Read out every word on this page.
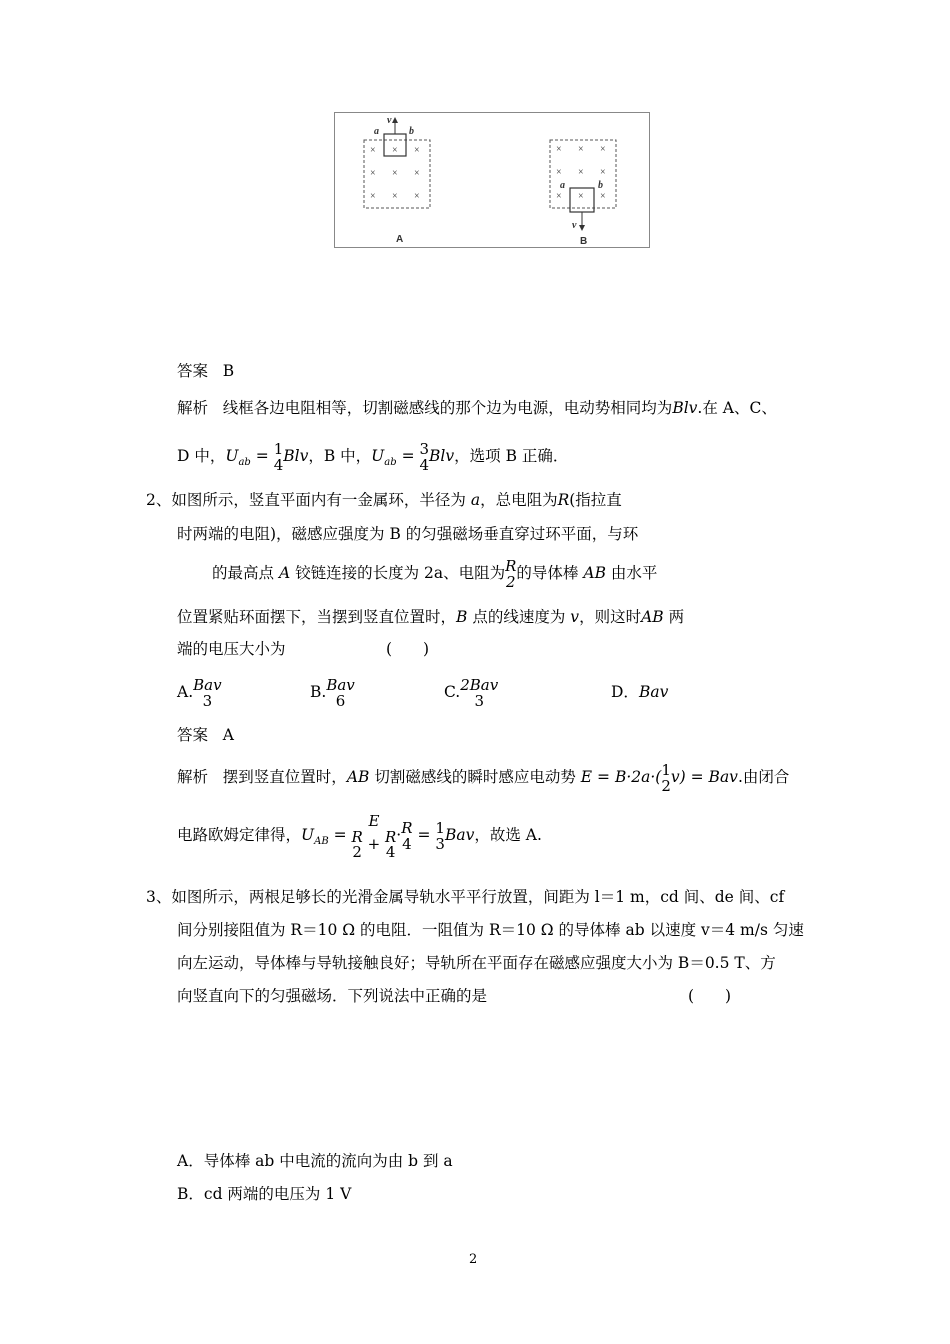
× × ×
× × ×
× × ×
× × ×
× × ×
× × ×
a	b
v
a	b
v
A	B
答案 B
解析 线框各边电阻相等，切割磁感线的那个边为电源，电动势相同均为Blv.在 A、C、
D 中，$U_{ab} = 1$
4 Blv，B 中，$U_{ab} = 3$
4 Blv，选项 B 正确．
2、如图所示，竖直平面内有一金属环，半径为 a，总电阻为R(指拉直
时两端的电阻)，磁感应强度为 B 的匀强磁场垂直穿过环平面，与环
的最高点 A 铰链连接的长度为 2a、电阻为 R
2 的导体棒 AB 由水平
位置紧贴环面摆下，当摆到竖直位置时，B 点的线速度为 v，则这时AB 两
端的电压大小为	(　　)
A. Bav
3	B. Bav
6	C. 2Bav
3	D．Bav
答案 A
解析 摆到竖直位置时，AB 切割磁感线的瞬时感应电动势 E = B·2a·( 1
2 v) = Bav.由闭合
电路欧姆定律得，$U_{AB}$ =
E
R
2 + R
4
· R
4 = 1
3 Bav，故选 A.
3、如图所示，两根足够长的光滑金属导轨水平平行放置，间距为 l＝1 m，cd 间、de 间、cf
间分别接阻值为 R＝10 Ω 的电阻．一阻值为 R＝10 Ω 的导体棒 ab 以速度 v＝4 m/s 匀速
向左运动，导体棒与导轨接触良好；导轨所在平面存在磁感应强度大小为 B＝0.5 T、方
向竖直向下的匀强磁场．下列说法中正确的是	(　　)
A．导体棒 ab 中电流的流向为由 b 到 a
B．cd 两端的电压为 1 V
2
